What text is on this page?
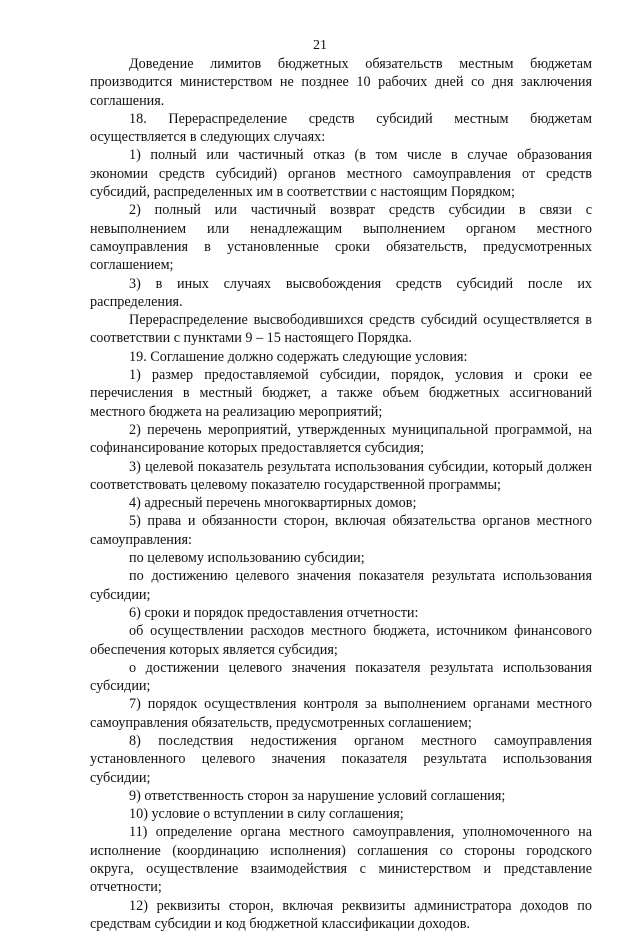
21

Доведение лимитов бюджетных обязательств местным бюджетам производится министерством не позднее 10 рабочих дней со дня заключения соглашения.

18. Перераспределение средств субсидий местным бюджетам осуществляется в следующих случаях:

1) полный или частичный отказ (в том числе в случае образования экономии средств субсидий) органов местного самоуправления от средств субсидий, распределенных им в соответствии с настоящим Порядком;

2) полный или частичный возврат средств субсидии в связи с невыполнением или ненадлежащим выполнением органом местного самоуправления в установленные сроки обязательств, предусмотренных соглашением;

3) в иных случаях высвобождения средств субсидий после их распределения.

Перераспределение высвободившихся средств субсидий осуществляется в соответствии с пунктами 9 – 15 настоящего Порядка.

19. Соглашение должно содержать следующие условия:

1) размер предоставляемой субсидии, порядок, условия и сроки ее перечисления в местный бюджет, а также объем бюджетных ассигнований местного бюджета на реализацию мероприятий;

2) перечень мероприятий, утвержденных муниципальной программой, на софинансирование которых предоставляется субсидия;

3) целевой показатель результата использования субсидии, который должен соответствовать целевому показателю государственной программы;

4) адресный перечень многоквартирных домов;

5) права и обязанности сторон, включая обязательства органов местного самоуправления:

по целевому использованию субсидии;

по достижению целевого значения показателя результата использования субсидии;

6) сроки и порядок предоставления отчетности:

об осуществлении расходов местного бюджета, источником финансового обеспечения которых является субсидия;

о достижении целевого значения показателя результата использования субсидии;

7) порядок осуществления контроля за выполнением органами местного самоуправления обязательств, предусмотренных соглашением;

8) последствия недостижения органом местного самоуправления установленного целевого значения показателя результата использования субсидии;

9) ответственность сторон за нарушение условий соглашения;

10) условие о вступлении в силу соглашения;

11) определение органа местного самоуправления, уполномоченного на исполнение (координацию исполнения) соглашения со стороны городского округа, осуществление взаимодействия с министерством и представление отчетности;

12) реквизиты сторон, включая реквизиты администратора доходов по средствам субсидии и код бюджетной классификации доходов.
